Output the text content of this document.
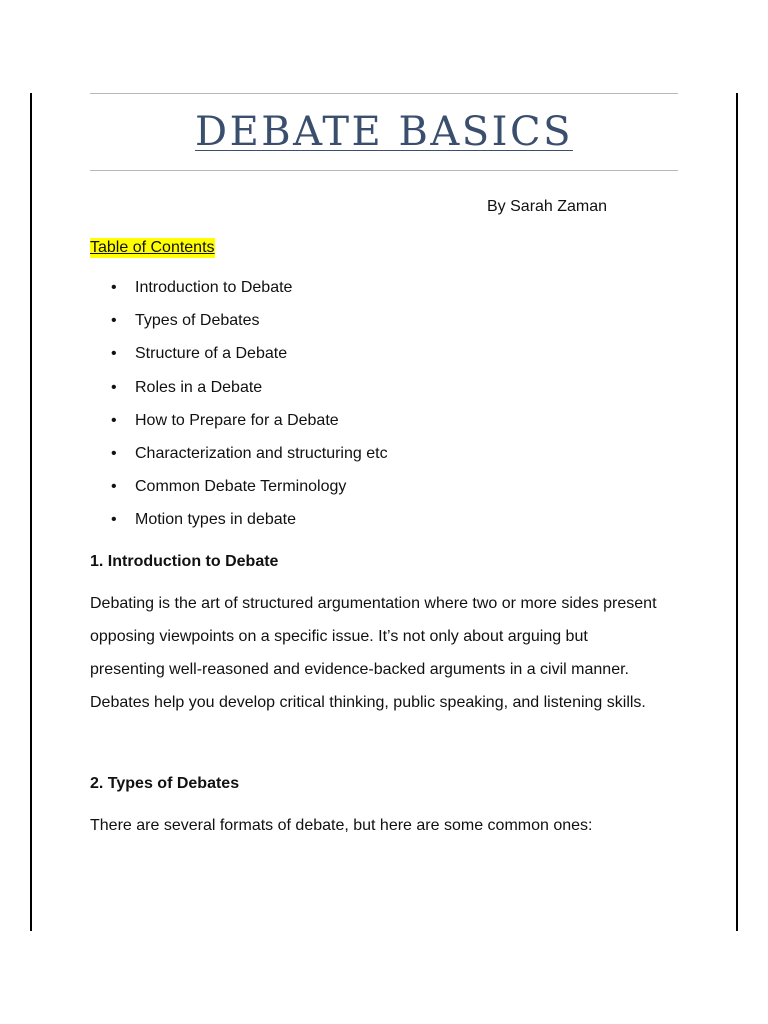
DEBATE BASICS
By Sarah Zaman
Table of Contents
• Introduction to Debate
• Types of Debates
• Structure of a Debate
• Roles in a Debate
• How to Prepare for a Debate
• Characterization and structuring etc
• Common Debate Terminology
• Motion types in debate
1. Introduction to Debate

Debating is the art of structured argumentation where two or more sides present
opposing viewpoints on a specific issue. It’s not only about arguing but
presenting well-reasoned and evidence-backed arguments in a civil manner.
Debates help you develop critical thinking, public speaking, and listening skills.

2. Types of Debates

There are several formats of debate, but here are some common ones:
